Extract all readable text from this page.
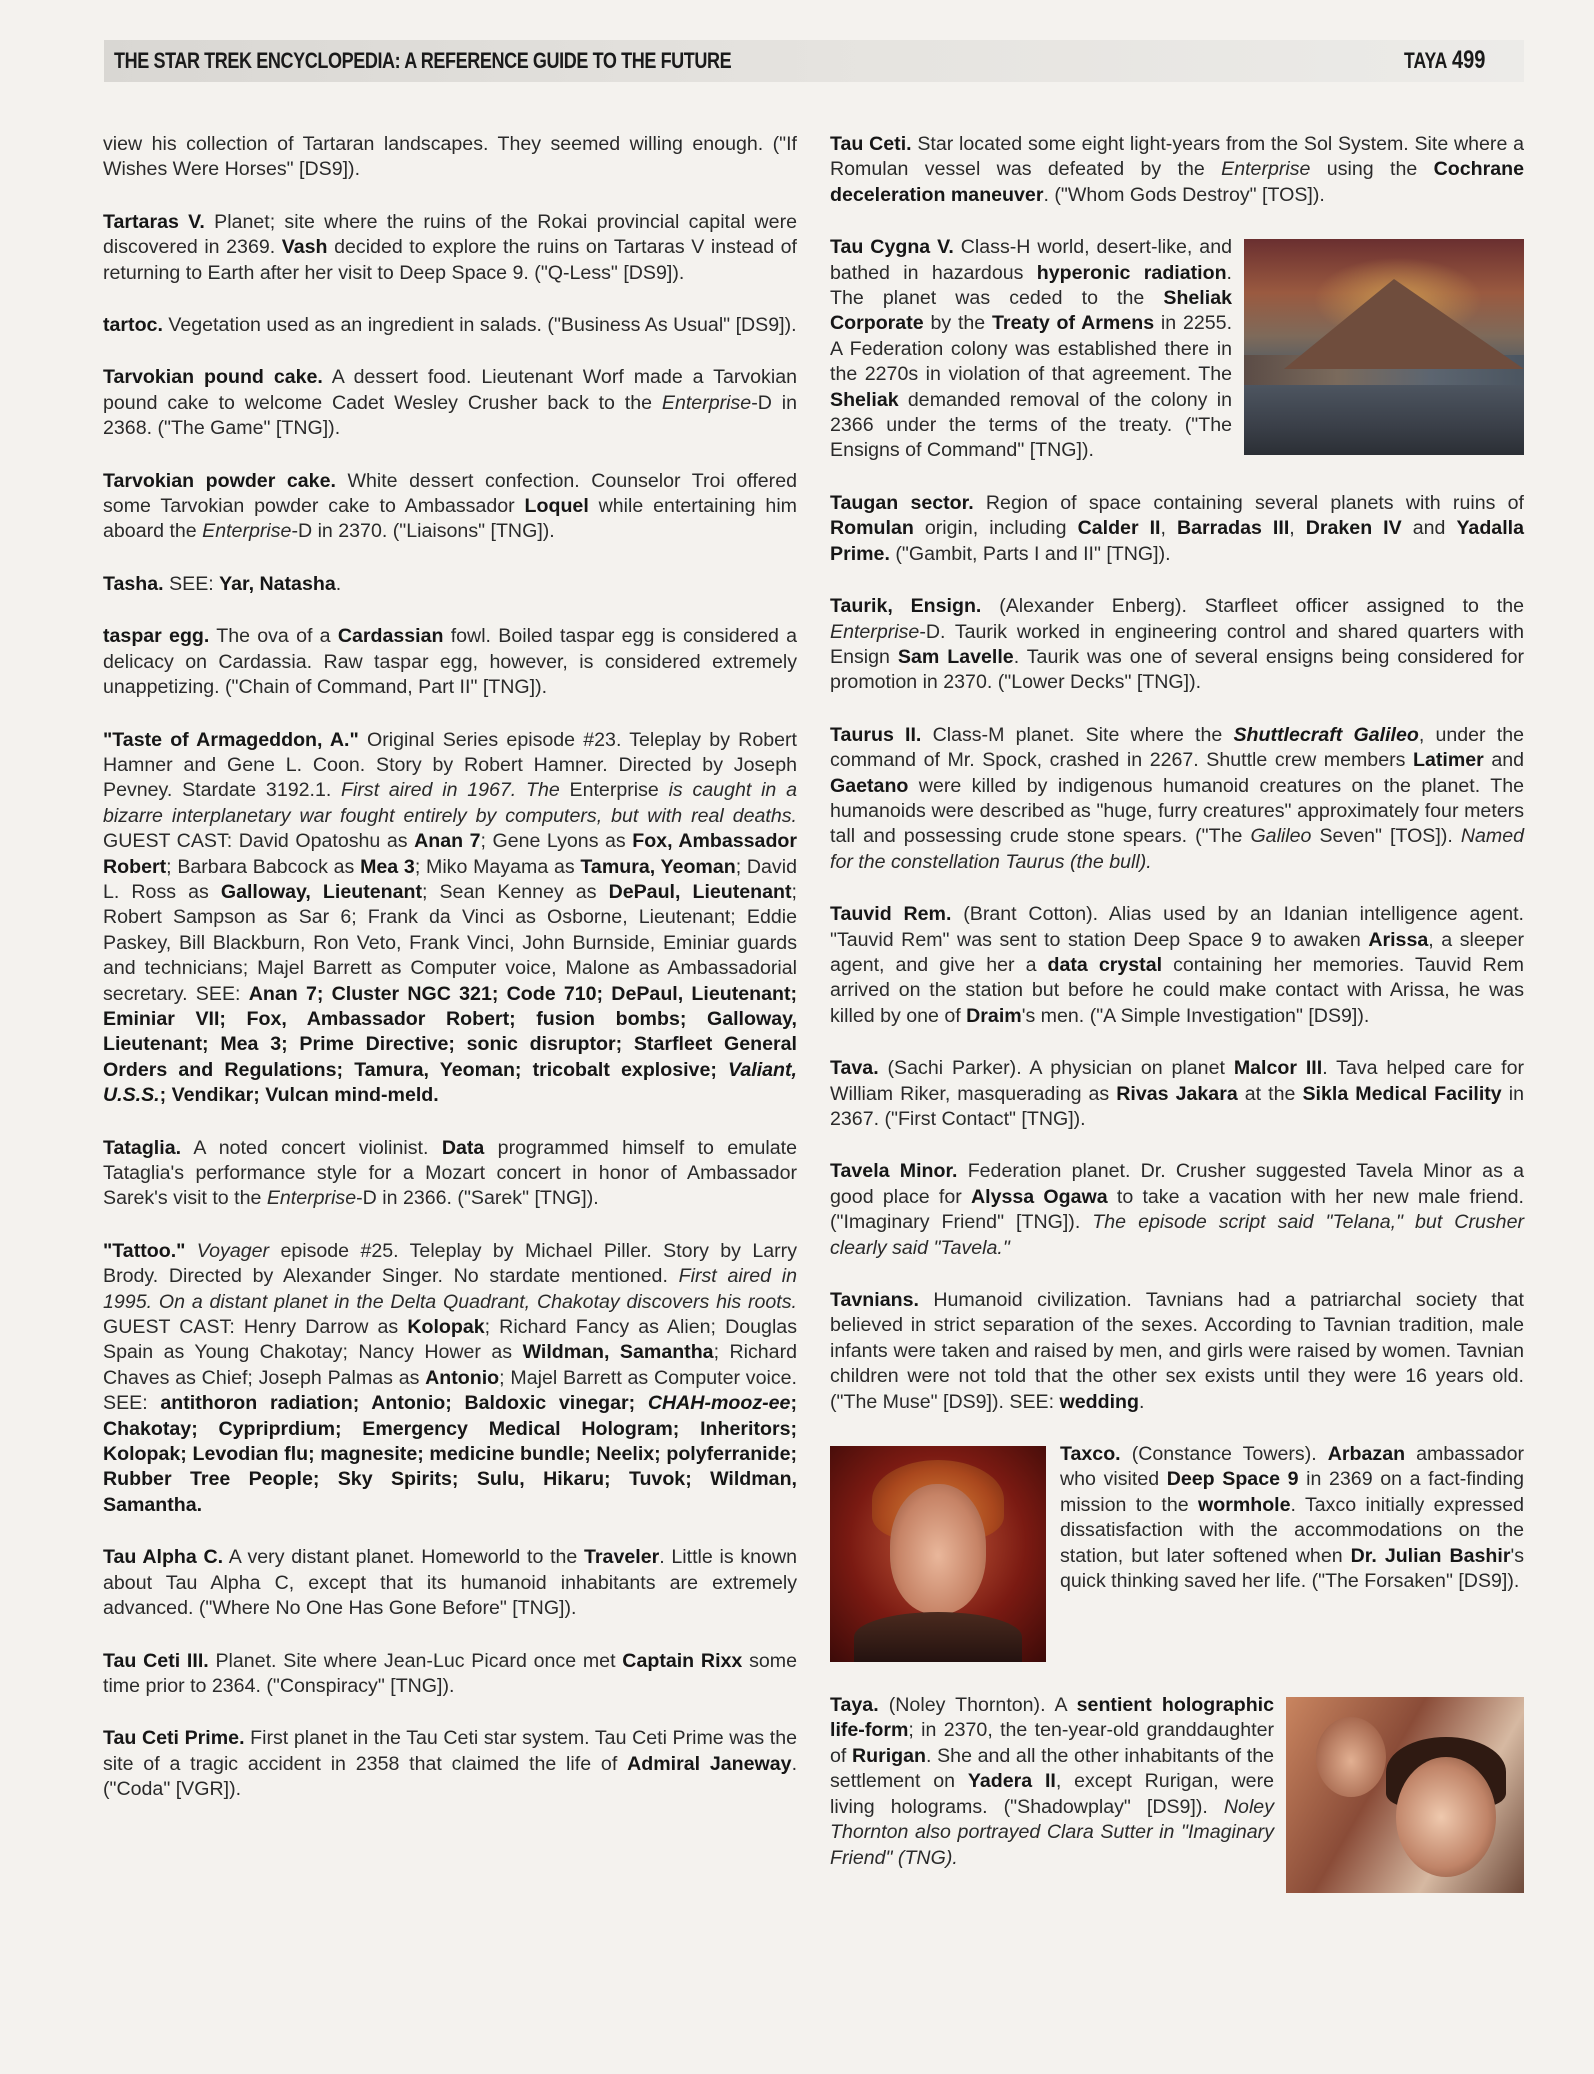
THE STAR TREK ENCYCLOPEDIA: A REFERENCE GUIDE TO THE FUTURE	TAYA 499

view his collection of Tartaran landscapes. They seemed willing enough. ("If Wishes Were Horses" [DS9]).

Tartaras V. Planet; site where the ruins of the Rokai provincial capital were discovered in 2369. Vash decided to explore the ruins on Tartaras V instead of returning to Earth after her visit to Deep Space 9. ("Q-Less" [DS9]).

tartoc. Vegetation used as an ingredient in salads. ("Business As Usual" [DS9]).

Tarvokian pound cake. A dessert food. Lieutenant Worf made a Tarvokian pound cake to welcome Cadet Wesley Crusher back to the Enterprise-D in 2368. ("The Game" [TNG]).

Tarvokian powder cake. White dessert confection. Counselor Troi offered some Tarvokian powder cake to Ambassador Loquel while entertaining him aboard the Enterprise-D in 2370. ("Liaisons" [TNG]).

Tasha. SEE: Yar, Natasha.

taspar egg. The ova of a Cardassian fowl. Boiled taspar egg is considered a delicacy on Cardassia. Raw taspar egg, however, is considered extremely unappetizing. ("Chain of Command, Part II" [TNG]).

"Taste of Armageddon, A." Original Series episode #23. Teleplay by Robert Hamner and Gene L. Coon. Story by Robert Hamner. Directed by Joseph Pevney. Stardate 3192.1. First aired in 1967. The Enterprise is caught in a bizarre interplanetary war fought entirely by computers, but with real deaths. GUEST CAST: David Opatoshu as Anan 7; Gene Lyons as Fox, Ambassador Robert; Barbara Babcock as Mea 3; Miko Mayama as Tamura, Yeoman; David L. Ross as Galloway, Lieutenant; Sean Kenney as DePaul, Lieutenant; Robert Sampson as Sar 6; Frank da Vinci as Osborne, Lieutenant; Eddie Paskey, Bill Blackburn, Ron Veto, Frank Vinci, John Burnside, Eminiar guards and technicians; Majel Barrett as Computer voice, Malone as Ambassadorial secretary. SEE: Anan 7; Cluster NGC 321; Code 710; DePaul, Lieutenant; Eminiar VII; Fox, Ambassador Robert; fusion bombs; Galloway, Lieutenant; Mea 3; Prime Directive; sonic disruptor; Starfleet General Orders and Regulations; Tamura, Yeoman; tricobalt explosive; Valiant, U.S.S.; Vendikar; Vulcan mind-meld.

Tataglia. A noted concert violinist. Data programmed himself to emulate Tataglia's performance style for a Mozart concert in honor of Ambassador Sarek's visit to the Enterprise-D in 2366. ("Sarek" [TNG]).

"Tattoo." Voyager episode #25. Teleplay by Michael Piller. Story by Larry Brody. Directed by Alexander Singer. No stardate mentioned. First aired in 1995. On a distant planet in the Delta Quadrant, Chakotay discovers his roots. GUEST CAST: Henry Darrow as Kolopak; Richard Fancy as Alien; Douglas Spain as Young Chakotay; Nancy Hower as Wildman, Samantha; Richard Chaves as Chief; Joseph Palmas as Antonio; Majel Barrett as Computer voice. SEE: antithoron radiation; Antonio; Baldoxic vinegar; CHAH-mooz-ee; Chakotay; Cypriprdium; Emergency Medical Hologram; Inheritors; Kolopak; Levodian flu; magnesite; medicine bundle; Neelix; polyferranide; Rubber Tree People; Sky Spirits; Sulu, Hikaru; Tuvok; Wildman, Samantha.

Tau Alpha C. A very distant planet. Homeworld to the Traveler. Little is known about Tau Alpha C, except that its humanoid inhabitants are extremely advanced. ("Where No One Has Gone Before" [TNG]).

Tau Ceti III. Planet. Site where Jean-Luc Picard once met Captain Rixx some time prior to 2364. ("Conspiracy" [TNG]).

Tau Ceti Prime. First planet in the Tau Ceti star system. Tau Ceti Prime was the site of a tragic accident in 2358 that claimed the life of Admiral Janeway. ("Coda" [VGR]).

Tau Ceti. Star located some eight light-years from the Sol System. Site where a Romulan vessel was defeated by the Enterprise using the Cochrane deceleration maneuver. ("Whom Gods Destroy" [TOS]).

Tau Cygna V. Class-H world, desert-like, and bathed in hazardous hyperonic radiation. The planet was ceded to the Sheliak Corporate by the Treaty of Armens in 2255. A Federation colony was established there in the 2270s in violation of that agreement. The Sheliak demanded removal of the colony in 2366 under the terms of the treaty. ("The Ensigns of Command" [TNG]).

Taugan sector. Region of space containing several planets with ruins of Romulan origin, including Calder II, Barradas III, Draken IV and Yadalla Prime. ("Gambit, Parts I and II" [TNG]).

Taurik, Ensign. (Alexander Enberg). Starfleet officer assigned to the Enterprise-D. Taurik worked in engineering control and shared quarters with Ensign Sam Lavelle. Taurik was one of several ensigns being considered for promotion in 2370. ("Lower Decks" [TNG]).

Taurus II. Class-M planet. Site where the Shuttlecraft Galileo, under the command of Mr. Spock, crashed in 2267. Shuttle crew members Latimer and Gaetano were killed by indigenous humanoid creatures on the planet. The humanoids were described as "huge, furry creatures" approximately four meters tall and possessing crude stone spears. ("The Galileo Seven" [TOS]). Named for the constellation Taurus (the bull).

Tauvid Rem. (Brant Cotton). Alias used by an Idanian intelligence agent. "Tauvid Rem" was sent to station Deep Space 9 to awaken Arissa, a sleeper agent, and give her a data crystal containing her memories. Tauvid Rem arrived on the station but before he could make contact with Arissa, he was killed by one of Draim's men. ("A Simple Investigation" [DS9]).

Tava. (Sachi Parker). A physician on planet Malcor III. Tava helped care for William Riker, masquerading as Rivas Jakara at the Sikla Medical Facility in 2367. ("First Contact" [TNG]).

Tavela Minor. Federation planet. Dr. Crusher suggested Tavela Minor as a good place for Alyssa Ogawa to take a vacation with her new male friend. ("Imaginary Friend" [TNG]). The episode script said "Telana," but Crusher clearly said "Tavela."

Tavnians. Humanoid civilization. Tavnians had a patriarchal society that believed in strict separation of the sexes. According to Tavnian tradition, male infants were taken and raised by men, and girls were raised by women. Tavnian children were not told that the other sex exists until they were 16 years old. ("The Muse" [DS9]). SEE: wedding.

Taxco. (Constance Towers). Arbazan ambassador who visited Deep Space 9 in 2369 on a fact-finding mission to the wormhole. Taxco initially expressed dissatisfaction with the accommodations on the station, but later softened when Dr. Julian Bashir's quick thinking saved her life. ("The Forsaken" [DS9]).
Taya. (Noley Thornton). A sentient holographic life-form; in 2370, the ten-year-old granddaughter of Rurigan. She and all the other inhabitants of the settlement on Yadera II, except Rurigan, were living holograms. ("Shadowplay" [DS9]). Noley Thornton also portrayed Clara Sutter in "Imaginary Friend" (TNG).
